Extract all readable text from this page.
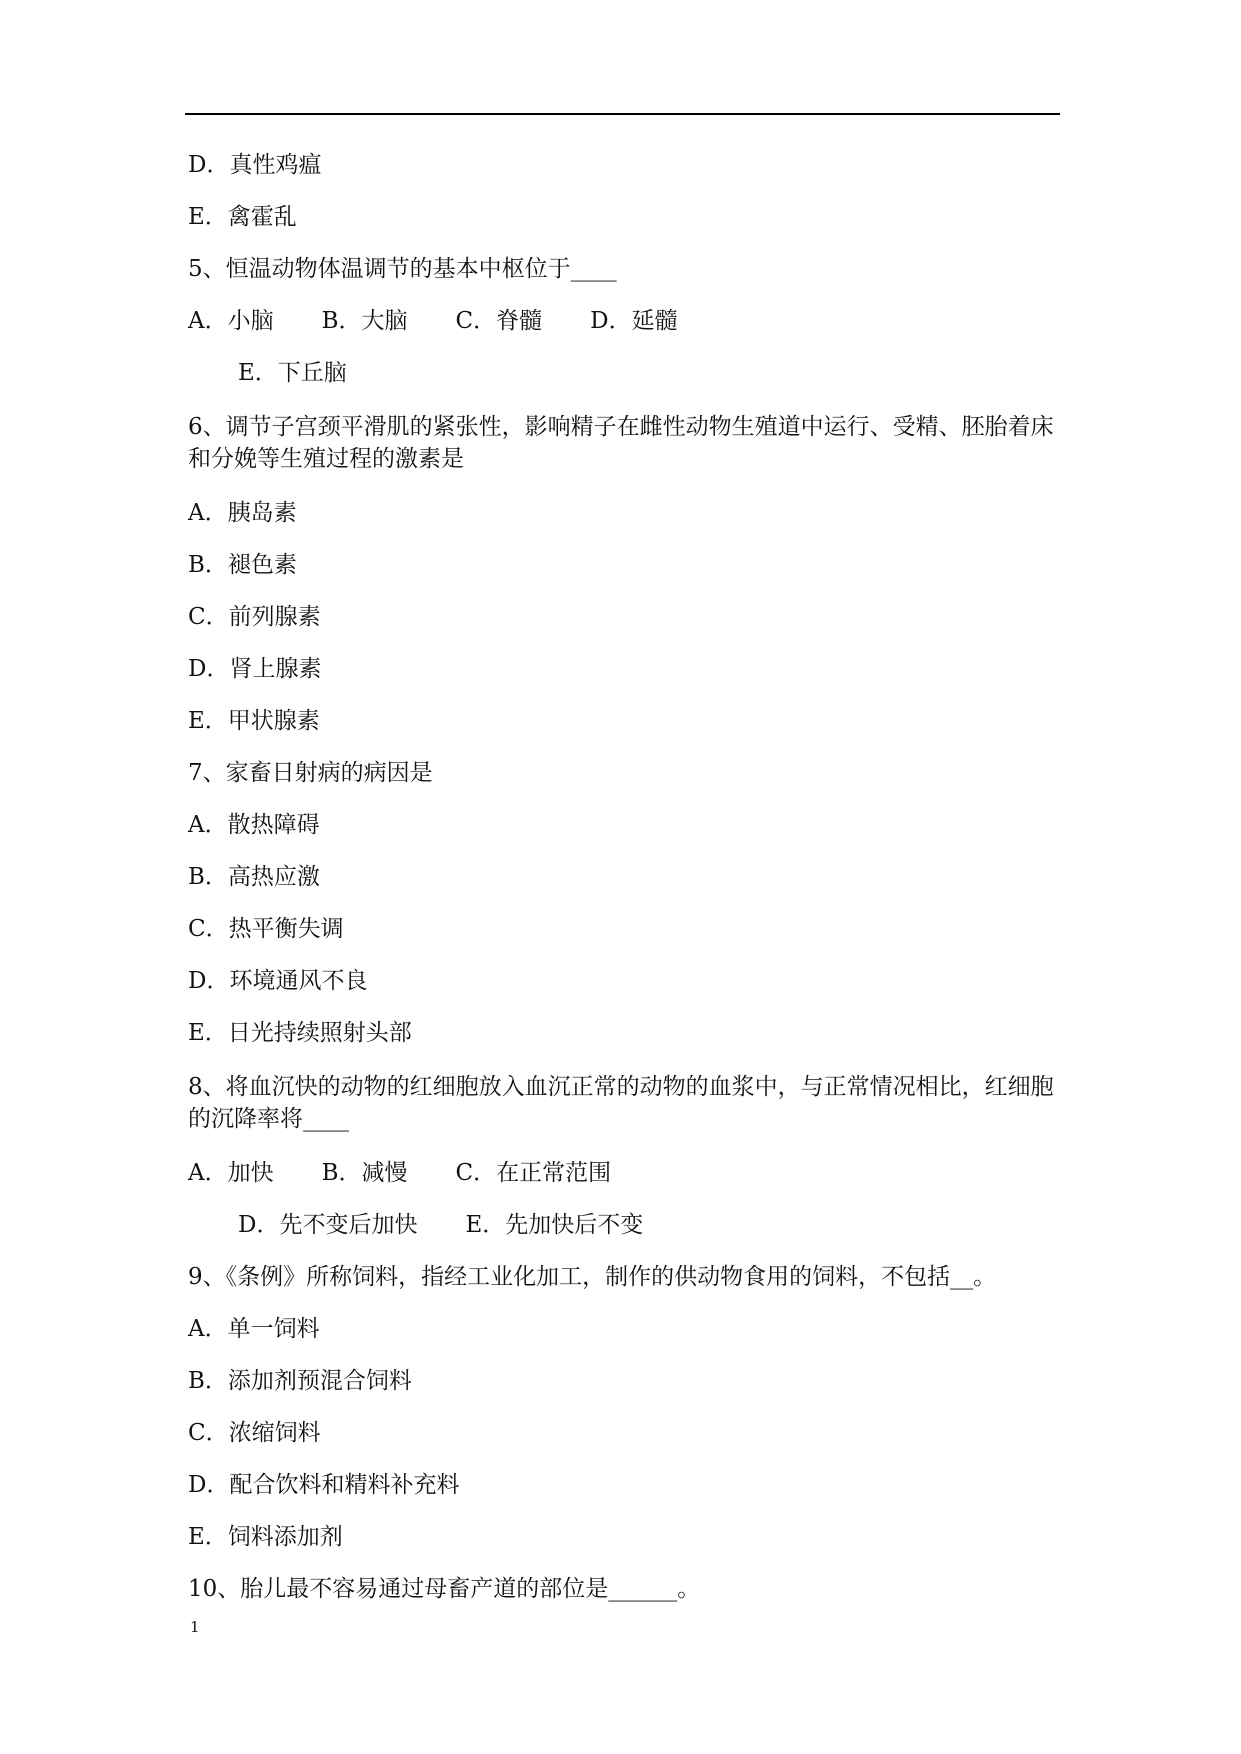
D．真性鸡瘟
E．禽霍乱
5、恒温动物体温调节的基本中枢位于____
A．小脑 B．大脑 C．脊髓 D．延髓
E．下丘脑
6、调节子宫颈平滑肌的紧张性，影响精子在雌性动物生殖道中运行、受精、胚胎着床和分娩等生殖过程的激素是
A．胰岛素
B．褪色素
C．前列腺素
D．肾上腺素
E．甲状腺素
7、家畜日射病的病因是
A．散热障碍
B．高热应激
C．热平衡失调
D．环境通风不良
E．日光持续照射头部
8、将血沉快的动物的红细胞放入血沉正常的动物的血浆中，与正常情况相比，红细胞的沉降率将____
A．加快 B．减慢 C．在正常范围
D．先不变后加快 E．先加快后不变
9、《条例》所称饲料，指经工业化加工，制作的供动物食用的饲料，不包括__。
A．单一饲料
B．添加剂预混合饲料
C．浓缩饲料
D．配合饮料和精料补充料
E．饲料添加剂
10、胎儿最不容易通过母畜产道的部位是______。
1
